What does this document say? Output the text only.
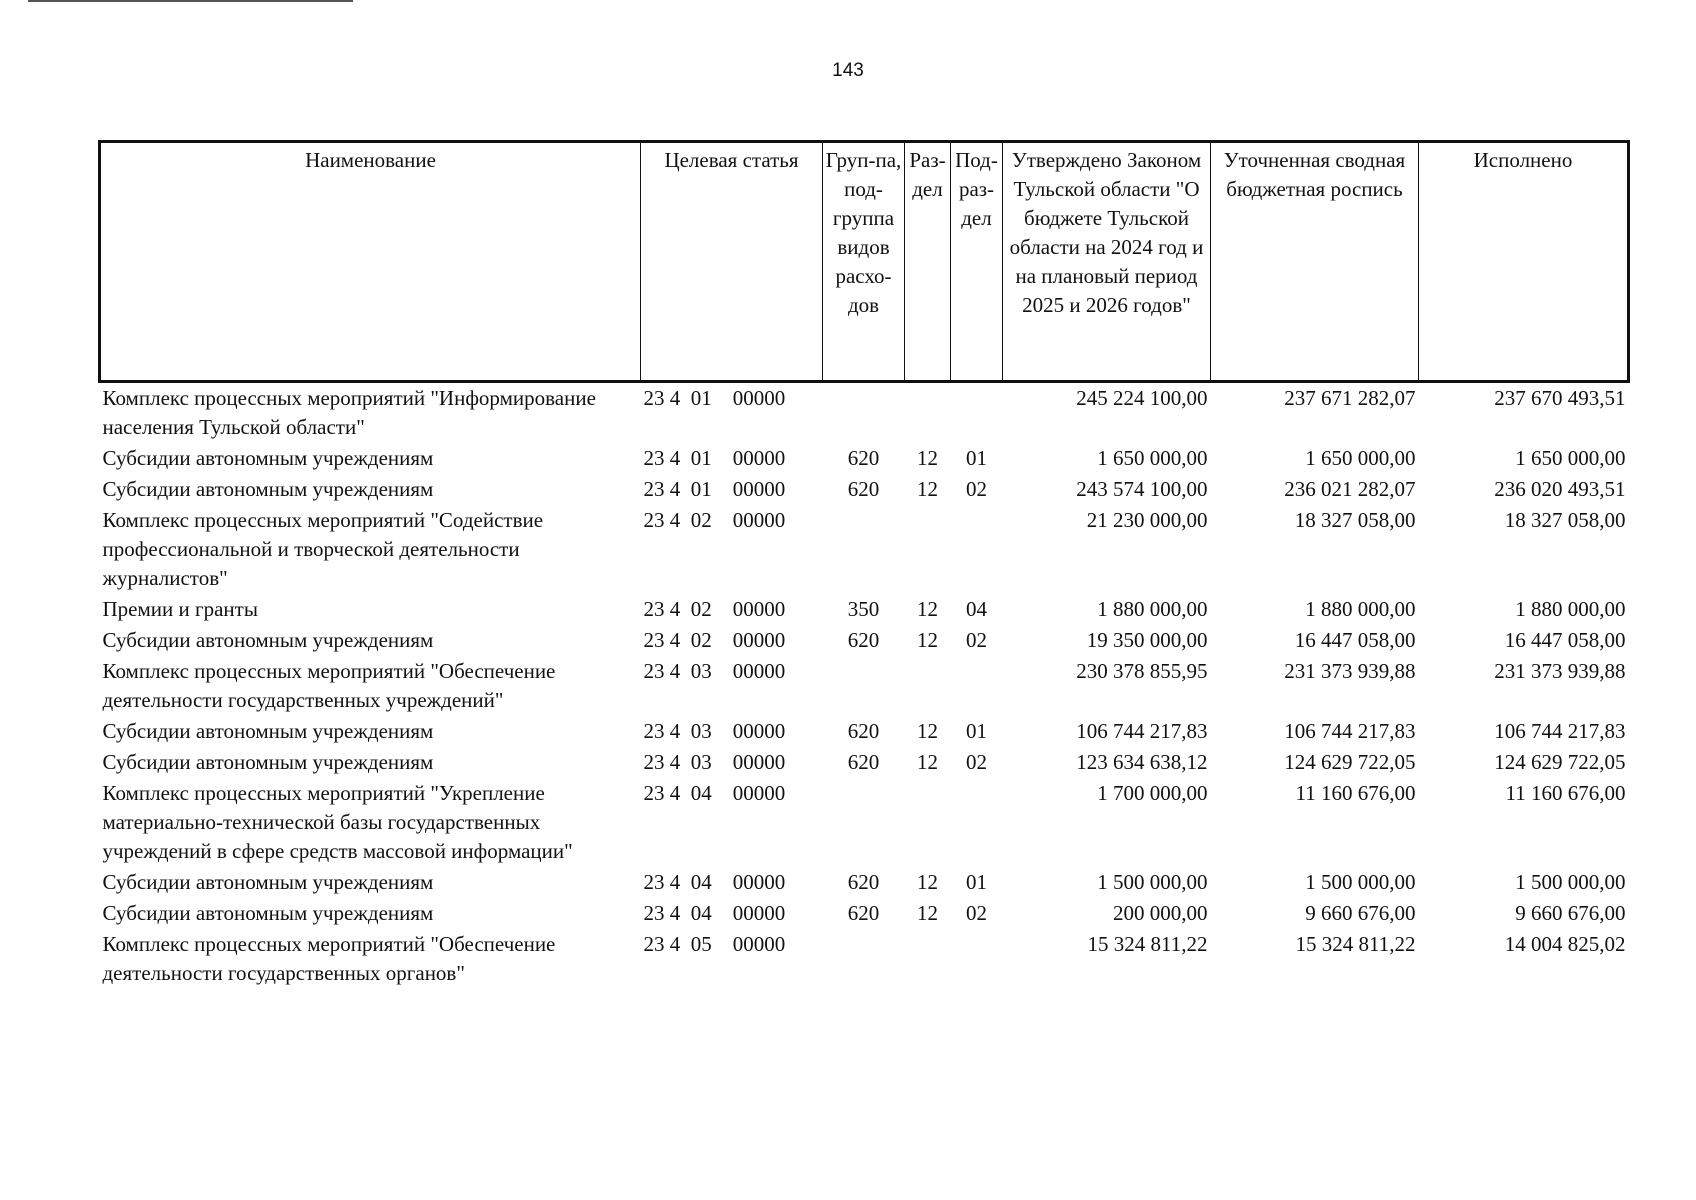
143
Наименование	Целевая статья	Груп-па, под-группа видов расхо-дов	Раз-дел	Под-раз-дел	Утверждено Законом Тульской области "О бюджете Тульской области на 2024 год и на плановый период 2025 и 2026 годов"	Уточненная сводная бюджетная роспись	Исполнено
Комплекс процессных мероприятий "Информирование населения Тульской области"	23 4  01    00000				245 224 100,00	237 671 282,07	237 670 493,51
Субсидии автономным учреждениям	23 4  01    00000	620	12	01	1 650 000,00	1 650 000,00	1 650 000,00
Субсидии автономным учреждениям	23 4  01    00000	620	12	02	243 574 100,00	236 021 282,07	236 020 493,51
Комплекс процессных мероприятий "Содействие профессиональной и творческой деятельности журналистов"	23 4  02    00000				21 230 000,00	18 327 058,00	18 327 058,00
Премии и гранты	23 4  02    00000	350	12	04	1 880 000,00	1 880 000,00	1 880 000,00
Субсидии автономным учреждениям	23 4  02    00000	620	12	02	19 350 000,00	16 447 058,00	16 447 058,00
Комплекс процессных мероприятий "Обеспечение деятельности государственных учреждений"	23 4  03    00000				230 378 855,95	231 373 939,88	231 373 939,88
Субсидии автономным учреждениям	23 4  03    00000	620	12	01	106 744 217,83	106 744 217,83	106 744 217,83
Субсидии автономным учреждениям	23 4  03    00000	620	12	02	123 634 638,12	124 629 722,05	124 629 722,05
Комплекс процессных мероприятий "Укрепление материально-технической базы государственных учреждений в сфере средств массовой информации"	23 4  04    00000				1 700 000,00	11 160 676,00	11 160 676,00
Субсидии автономным учреждениям	23 4  04    00000	620	12	01	1 500 000,00	1 500 000,00	1 500 000,00
Субсидии автономным учреждениям	23 4  04    00000	620	12	02	200 000,00	9 660 676,00	9 660 676,00
Комплекс процессных мероприятий "Обеспечение деятельности государственных органов"	23 4  05    00000				15 324 811,22	15 324 811,22	14 004 825,02
